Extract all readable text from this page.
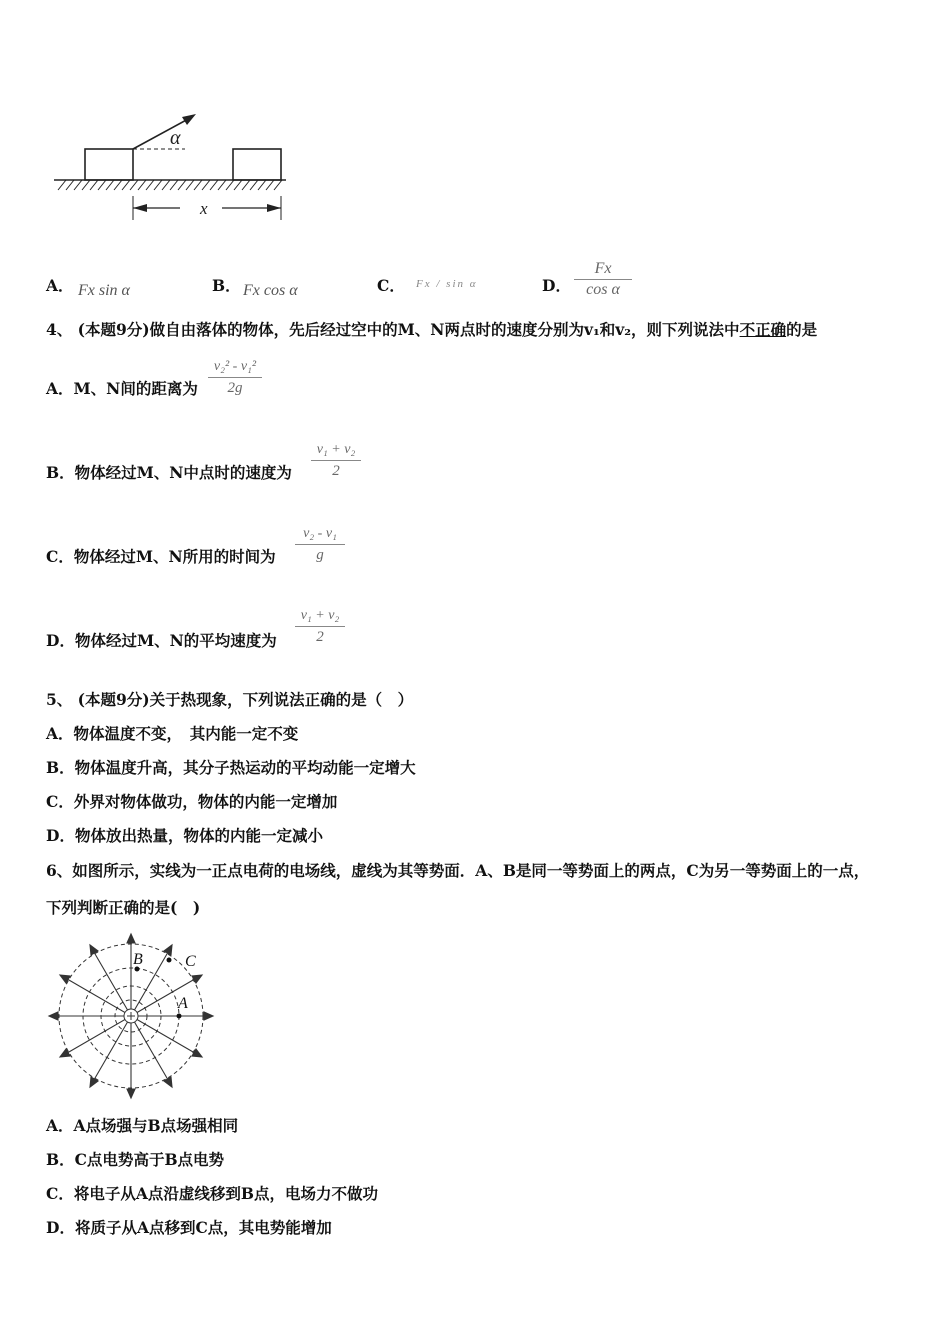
α
x
A． Fx sin α	B． Fx cos α	C． Fx / sin α	D．
Fx
cos α
4、 (本题9分)做自由落体的物体，先后经过空中的M、N两点时的速度分别为v₁和v₂，则下列说法中不正确的是
A．M、N间的距离为
v₂² - v₁²
2g
B．物体经过M、N中点时的速度为
v₁ + v₂
2
C．物体经过M、N所用的时间为
v₂ - v₁
g
D．物体经过M、N的平均速度为
v₁ + v₂
2
5、 (本题9分)关于热现象，下列说法正确的是（　）
A．物体温度不变，　其内能一定不变
B．物体温度升高，其分子热运动的平均动能一定增大
C．外界对物体做功，物体的内能一定增加
D．物体放出热量，物体的内能一定减小
6、如图所示，实线为一正点电荷的电场线，虚线为其等势面．A、B是同一等势面上的两点，C为另一等势面上的一点，
下列判断正确的是(　)
B	C
A
A．A点场强与B点场强相同
B．C点电势高于B点电势
C．将电子从A点沿虚线移到B点，电场力不做功
D．将质子从A点移到C点，其电势能增加
